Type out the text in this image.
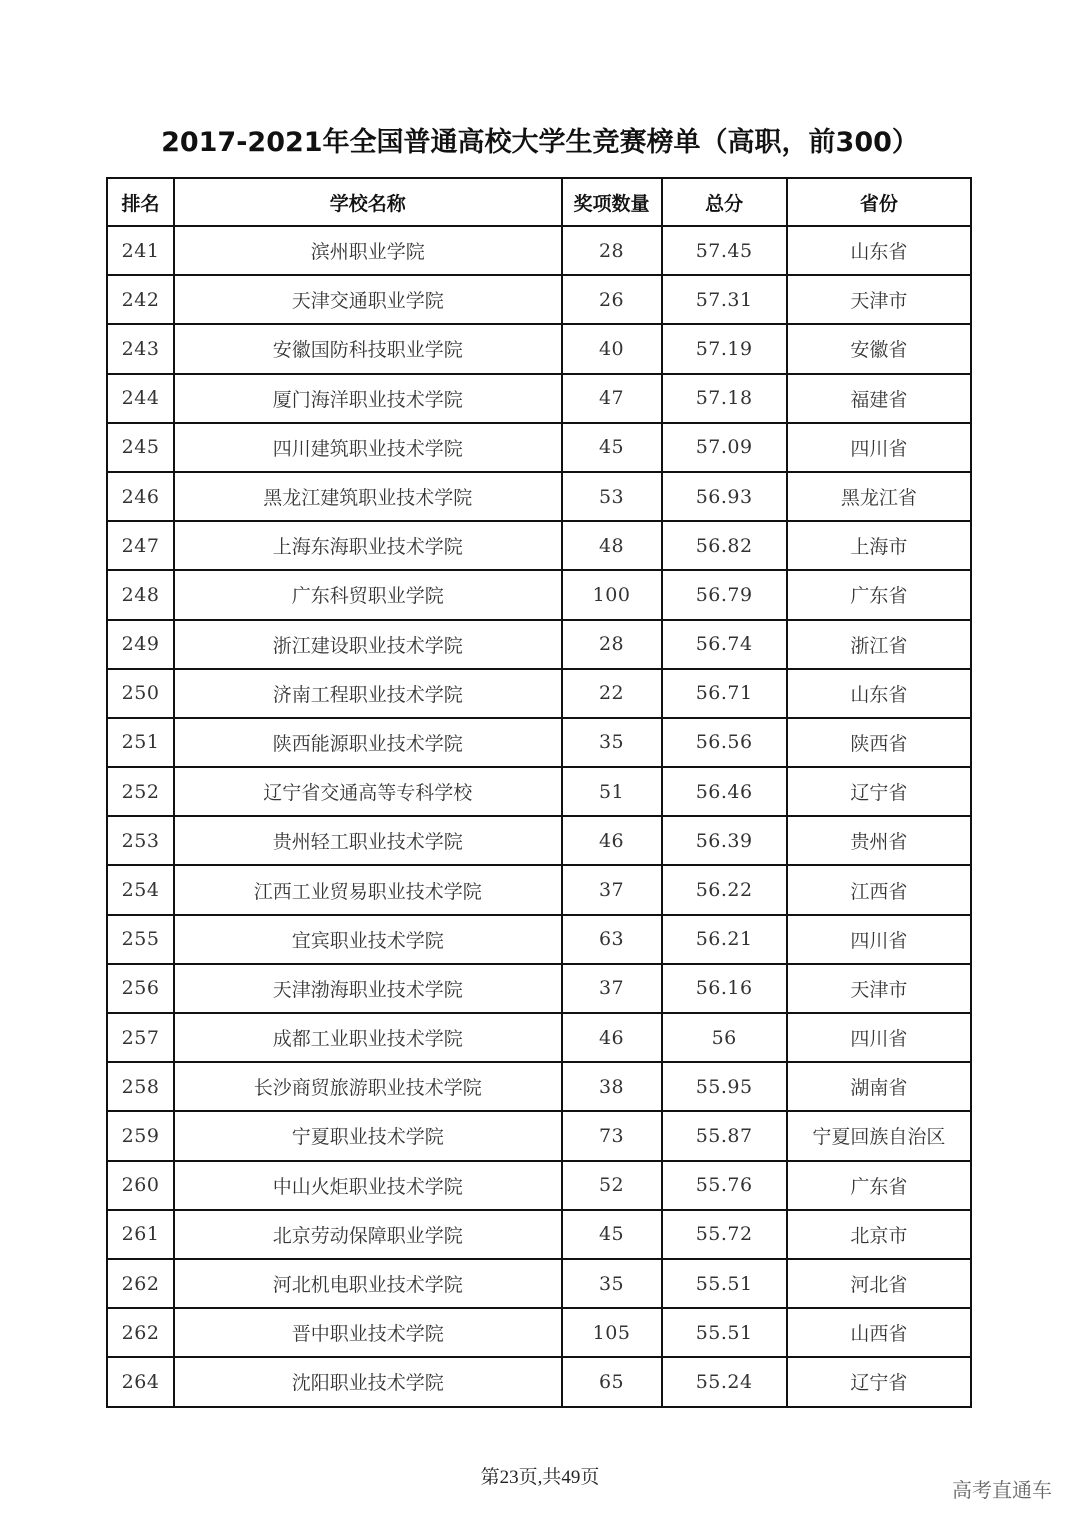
2017-2021年全国普通高校大学生竞赛榜单（高职，前300）
排名	学校名称	奖项数量	总分	省份
241	滨州职业学院	28	57.45	山东省
242	天津交通职业学院	26	57.31	天津市
243	安徽国防科技职业学院	40	57.19	安徽省
244	厦门海洋职业技术学院	47	57.18	福建省
245	四川建筑职业技术学院	45	57.09	四川省
246	黑龙江建筑职业技术学院	53	56.93	黑龙江省
247	上海东海职业技术学院	48	56.82	上海市
248	广东科贸职业学院	100	56.79	广东省
249	浙江建设职业技术学院	28	56.74	浙江省
250	济南工程职业技术学院	22	56.71	山东省
251	陕西能源职业技术学院	35	56.56	陕西省
252	辽宁省交通高等专科学校	51	56.46	辽宁省
253	贵州轻工职业技术学院	46	56.39	贵州省
254	江西工业贸易职业技术学院	37	56.22	江西省
255	宜宾职业技术学院	63	56.21	四川省
256	天津渤海职业技术学院	37	56.16	天津市
257	成都工业职业技术学院	46	56	四川省
258	长沙商贸旅游职业技术学院	38	55.95	湖南省
259	宁夏职业技术学院	73	55.87	宁夏回族自治区
260	中山火炬职业技术学院	52	55.76	广东省
261	北京劳动保障职业学院	45	55.72	北京市
262	河北机电职业技术学院	35	55.51	河北省
262	晋中职业技术学院	105	55.51	山西省
264	沈阳职业技术学院	65	55.24	辽宁省
第23页,共49页
高考直通车
